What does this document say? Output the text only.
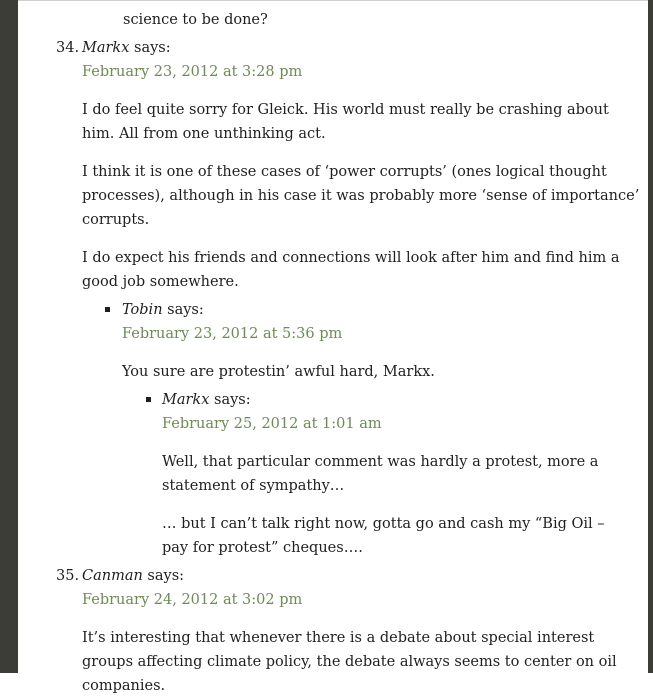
science to be done?

34. Markx says:
February 23, 2012 at 3:28 pm

I do feel quite sorry for Gleick. His world must really be crashing about him. All from one unthinking act.

I think it is one of these cases of ‘power corrupts’ (ones logical thought processes), although in his case it was probably more ‘sense of importance’ corrupts.

I do expect his friends and connections will look after him and find him a good job somewhere.

Tobin says:
February 23, 2012 at 5:36 pm

You sure are protestin’ awful hard, Markx.

Markx says:
February 25, 2012 at 1:01 am

Well, that particular comment was hardly a protest, more a statement of sympathy…

… but I can’t talk right now, gotta go and cash my “Big Oil – pay for protest” cheques….

35. Canman says:
February 24, 2012 at 3:02 pm

It’s interesting that whenever there is a debate about special interest groups affecting climate policy, the debate always seems to center on oil companies.
